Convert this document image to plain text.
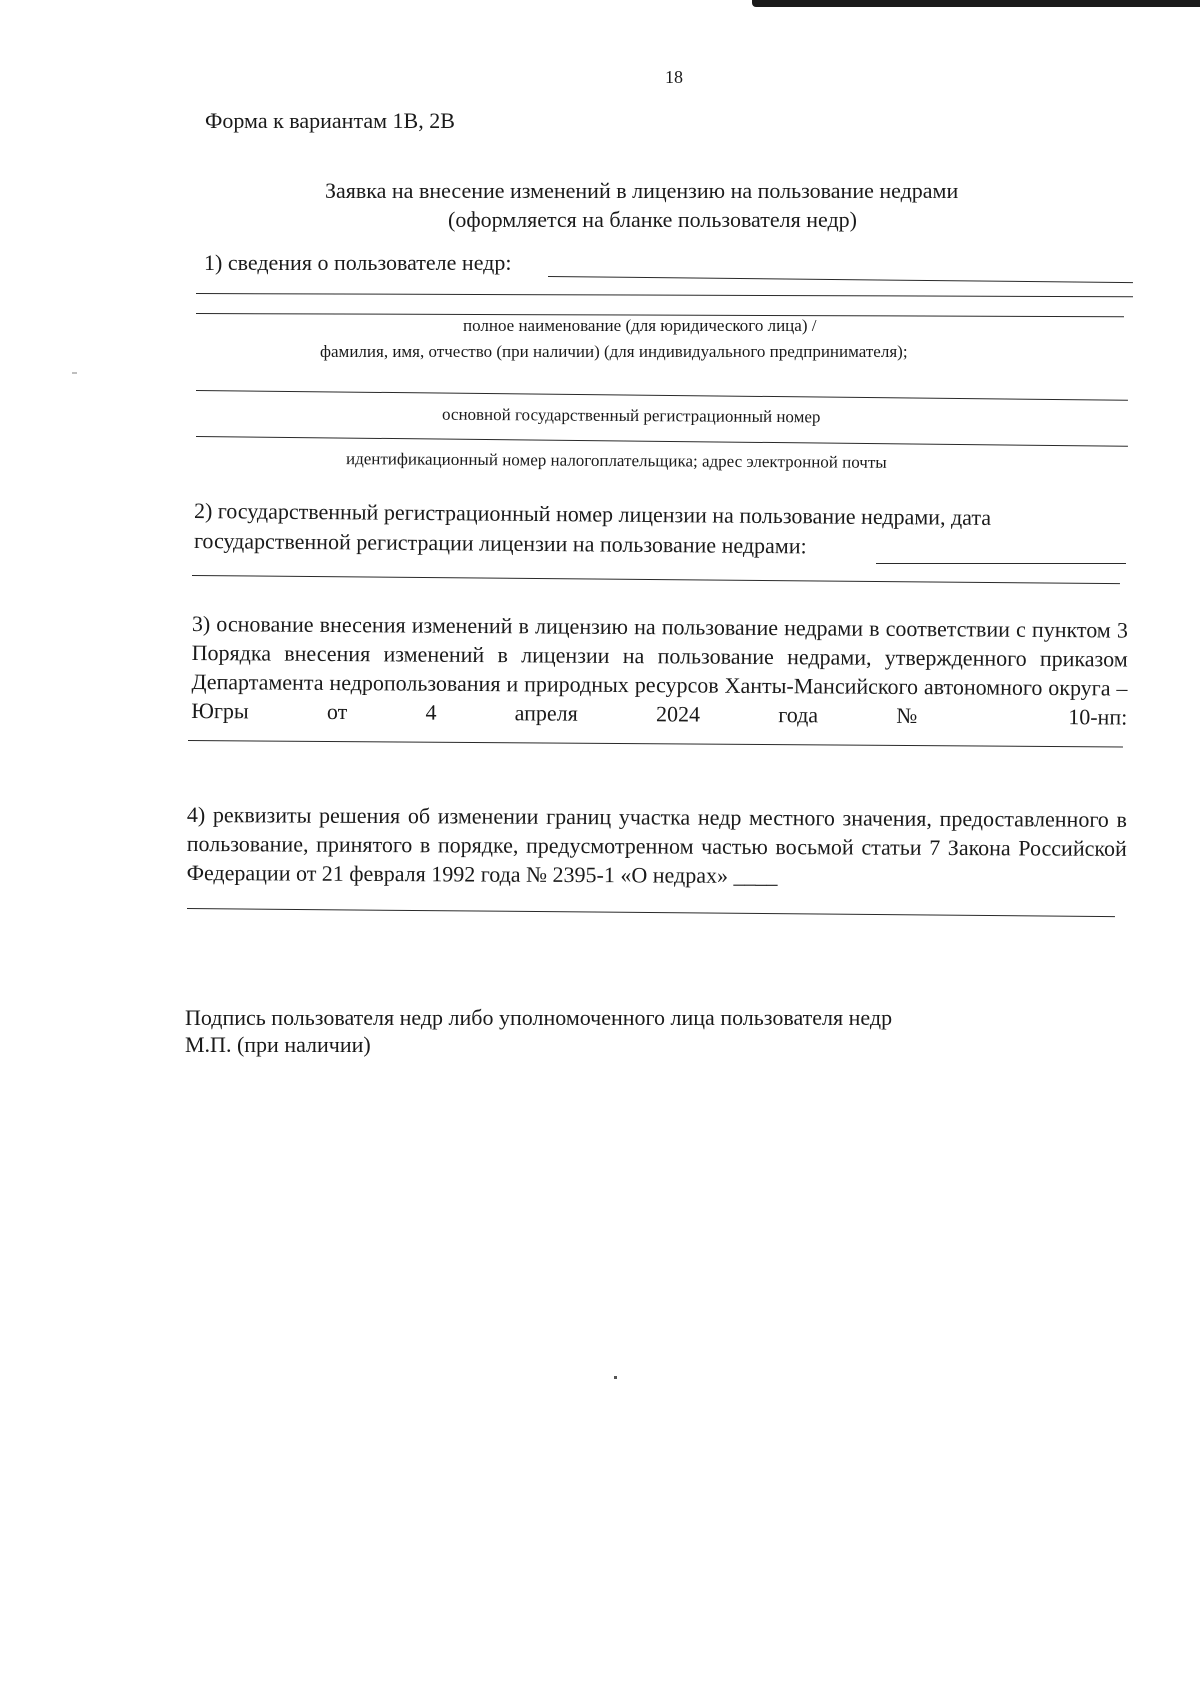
18
Форма к вариантам 1В, 2В
Заявка на внесение изменений в лицензию на пользование недрами
(оформляется на бланке пользователя недр)
1) сведения о пользователе недр:
полное наименование (для юридического лица) /
фамилия, имя, отчество (при наличии) (для индивидуального предпринимателя);
основной государственный регистрационный номер
идентификационный номер налогоплательщика; адрес электронной почты
2) государственный регистрационный номер лицензии на пользование недрами, дата
государственной регистрации лицензии на пользование недрами:
3) основание внесения изменений в лицензию на пользование недрами в соответствии с пунктом 3 Порядка внесения изменений в лицензии на пользование недрами, утвержденного приказом Департамента недропользования и природных ресурсов Ханты-Мансийского автономного округа – Югры от 4 апреля 2024 года № 10-нп:
4) реквизиты решения об изменении границ участка недр местного значения, предоставленного в пользование, принятого в порядке, предусмотренном частью восьмой статьи 7 Закона Российской Федерации от 21 февраля 1992 года № 2395-1 «О недрах» ____
Подпись пользователя недр либо уполномоченного лица пользователя недр
М.П. (при наличии)
